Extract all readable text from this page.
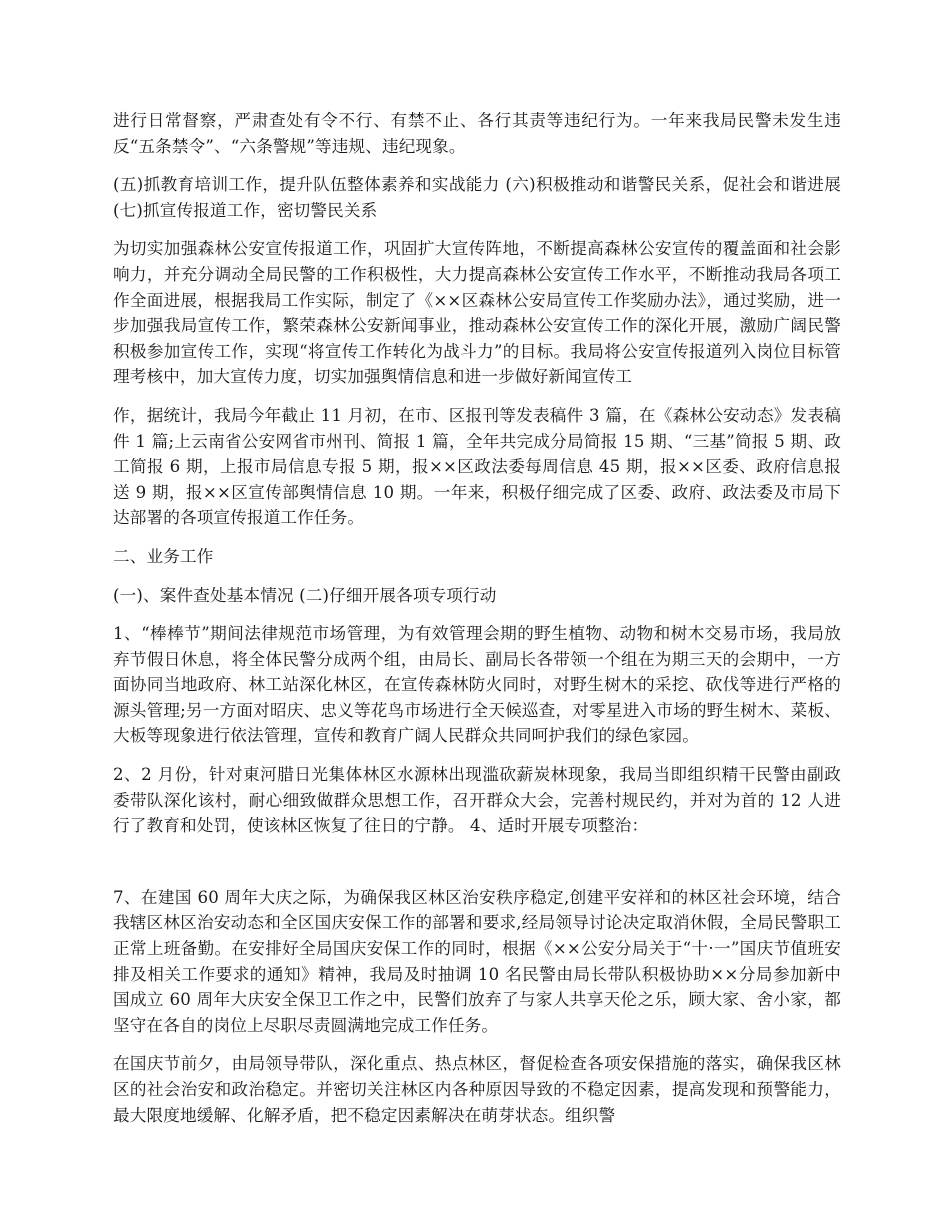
进行日常督察，严肃查处有令不行、有禁不止、各行其责等违纪行为。一年来我局民警未发生违反“五条禁令”、“六条警规”等违规、违纪现象。

(五)抓教育培训工作，提升队伍整体素养和实战能力 (六)积极推动和谐警民关系，促社会和谐进展 (七)抓宣传报道工作，密切警民关系

为切实加强森林公安宣传报道工作，巩固扩大宣传阵地，不断提高森林公安宣传的覆盖面和社会影响力，并充分调动全局民警的工作积极性，大力提高森林公安宣传工作水平，不断推动我局各项工作全面进展，根据我局工作实际，制定了《××区森林公安局宣传工作奖励办法》，通过奖励，进一步加强我局宣传工作，繁荣森林公安新闻事业，推动森林公安宣传工作的深化开展，激励广阔民警积极参加宣传工作，实现“将宣传工作转化为战斗力”的目标。我局将公安宣传报道列入岗位目标管理考核中，加大宣传力度，切实加强舆情信息和进一步做好新闻宣传工

作，据统计，我局今年截止 11 月初，在市、区报刊等发表稿件 3 篇，在《森林公安动态》发表稿件 1 篇;上云南省公安网省市州刊、简报 1 篇，全年共完成分局简报 15 期、“三基”简报 5 期、政工简报 6 期，上报市局信息专报 5 期，报××区政法委每周信息 45 期，报××区委、政府信息报送 9 期，报××区宣传部舆情信息 10 期。一年来，积极仔细完成了区委、政府、政法委及市局下达部署的各项宣传报道工作任务。

二、业务工作

(一)、案件查处基本情况 (二)仔细开展各项专项行动

1、“棒棒节”期间法律规范市场管理，为有效管理会期的野生植物、动物和树木交易市场，我局放弃节假日休息，将全体民警分成两个组，由局长、副局长各带领一个组在为期三天的会期中，一方面协同当地政府、林工站深化林区，在宣传森林防火同时，对野生树木的采挖、砍伐等进行严格的源头管理;另一方面对昭庆、忠义等花鸟市场进行全天候巡查，对零星进入市场的野生树木、菜板、大板等现象进行依法管理，宣传和教育广阔人民群众共同呵护我们的绿色家园。

2、2 月份，针对東河腊日光集体林区水源林出现滥砍薪炭林现象，我局当即组织精干民警由副政委带队深化该村，耐心细致做群众思想工作，召开群众大会，完善村规民约，并对为首的 12 人进行了教育和处罚，使该林区恢复了往日的宁静。 4、适时开展专项整治：

7、在建国 60 周年大庆之际，为确保我区林区治安秩序稳定,创建平安祥和的林区社会环境，结合我辖区林区治安动态和全区国庆安保工作的部署和要求,经局领导讨论决定取消休假，全局民警职工正常上班备勤。在安排好全局国庆安保工作的同时，根据《××公安分局关于“十·一”国庆节值班安排及相关工作要求的通知》精神，我局及时抽调 10 名民警由局长带队积极协助××分局参加新中国成立 60 周年大庆安全保卫工作之中，民警们放弃了与家人共享天伦之乐，顾大家、舍小家，都坚守在各自的岗位上尽职尽责圆满地完成工作任务。

在国庆节前夕，由局领导带队，深化重点、热点林区，督促检查各项安保措施的落实，确保我区林区的社会治安和政治稳定。并密切关注林区内各种原因导致的不稳定因素，提高发现和预警能力，最大限度地缓解、化解矛盾，把不稳定因素解决在萌芽状态。组织警
